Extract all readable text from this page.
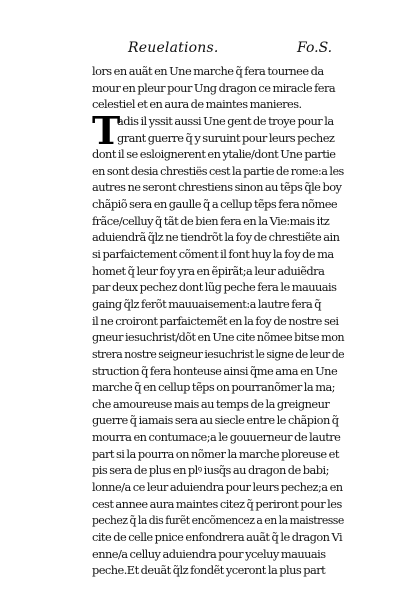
Reuelations.	Fo.S.
T
lors en auãt en Une marche q̃ fera tournee da
mour en pleur pour Ung dragon ce miracle fera
celestiel et en aura de maintes manieres.
adis il yssit aussi Une gent de troye pour la
grant guerre q̃ y suruint pour leurs pechez
dont il se esloignerent en ytalie/dont Une partie
en sont desia chrestiës cest la partie de rome:a les
autres ne seront chrestiens sinon au tẽps q̃le boy
chãpiõ sera en gaulle q̃ a cellup tẽps fera nõmee
frãce/celluy q̃ tãt de bien fera en la Vie:mais itz
aduiendrã q̃lz ne tiendrõt la foy de chrestiẽte ain
si parfaictement cõment il font huy la foy de ma
homet q̃ leur foy yra en ẽpirãt;a leur aduiẽdra
par deux pechez dont lũg peche fera le mauuais
gaing q̃lz ferõt mauuaisement:a lautre fera q̃
il ne croiront parfaictemẽt en la foy de nostre sei
gneur iesuchrist/dõt en Une cite nõmee bitse mon
strera nostre seigneur iesuchrist le signe de leur de
struction q̃ fera honteuse ainsi q̃me ama en Une
marche q̃ en cellup tẽps on pourranõmer la ma;
che amoureuse mais au temps de la greigneur
guerre q̃ iamais sera au siecle entre le chãpion q̃
mourra en contumace;a le gouuerneur de lautre
part si la pourra on nõmer la marche ploreuse et
pis sera de plus en plꝰ iusq̃s au dragon de babi;
lonne/a ce leur aduiendra pour leurs pechez;a en
cest annee aura maintes citez q̃ periront pour les
pechez q̃ la dis furẽt encõmencez a en la maistresse
cite de celle pnice enfondrera auãt q̃ le dragon Vi
enne/a celluy aduiendra pour yceluy mauuais
peche.Et deuãt q̃lz fondẽt yceront la plus part
